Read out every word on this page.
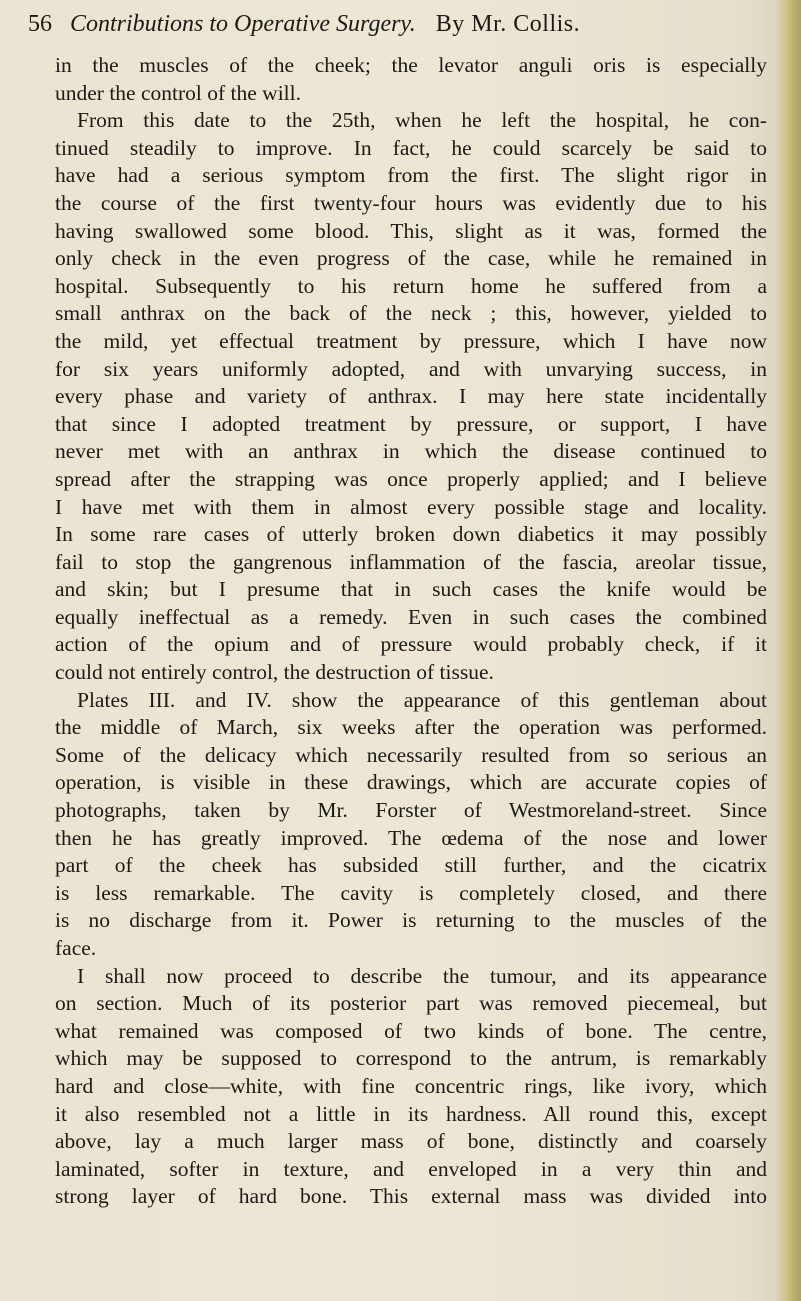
56 Contributions to Operative Surgery. By Mr. Collis.
in the muscles of the cheek; the levator anguli oris is especially
under the control of the will.
From this date to the 25th, when he left the hospital, he con-
tinued steadily to improve. In fact, he could scarcely be said to
have had a serious symptom from the first. The slight rigor in
the course of the first twenty-four hours was evidently due to his
having swallowed some blood. This, slight as it was, formed the
only check in the even progress of the case, while he remained in
hospital. Subsequently to his return home he suffered from a
small anthrax on the back of the neck ; this, however, yielded to
the mild, yet effectual treatment by pressure, which I have now
for six years uniformly adopted, and with unvarying success, in
every phase and variety of anthrax. I may here state incidentally
that since I adopted treatment by pressure, or support, I have
never met with an anthrax in which the disease continued to
spread after the strapping was once properly applied; and I believe
I have met with them in almost every possible stage and locality.
In some rare cases of utterly broken down diabetics it may possibly
fail to stop the gangrenous inflammation of the fascia, areolar tissue,
and skin; but I presume that in such cases the knife would be
equally ineffectual as a remedy. Even in such cases the combined
action of the opium and of pressure would probably check, if it
could not entirely control, the destruction of tissue.
Plates III. and IV. show the appearance of this gentleman about
the middle of March, six weeks after the operation was performed.
Some of the delicacy which necessarily resulted from so serious an
operation, is visible in these drawings, which are accurate copies of
photographs, taken by Mr. Forster of Westmoreland-street. Since
then he has greatly improved. The œdema of the nose and lower
part of the cheek has subsided still further, and the cicatrix
is less remarkable. The cavity is completely closed, and there
is no discharge from it. Power is returning to the muscles of the
face.
I shall now proceed to describe the tumour, and its appearance
on section. Much of its posterior part was removed piecemeal, but
what remained was composed of two kinds of bone. The centre,
which may be supposed to correspond to the antrum, is remarkably
hard and close—white, with fine concentric rings, like ivory, which
it also resembled not a little in its hardness. All round this, except
above, lay a much larger mass of bone, distinctly and coarsely
laminated, softer in texture, and enveloped in a very thin and
strong layer of hard bone. This external mass was divided into
